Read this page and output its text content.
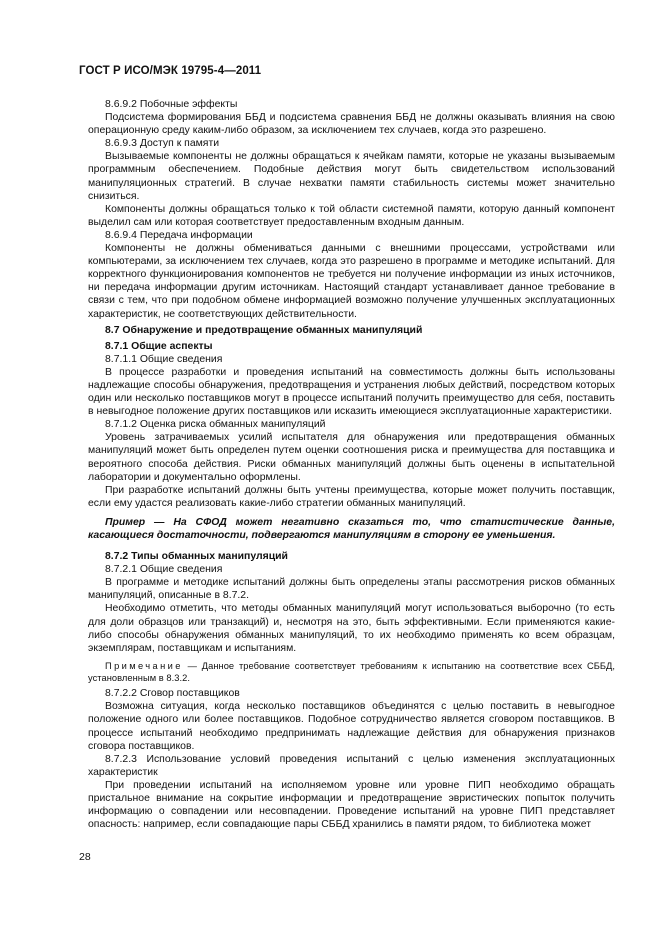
ГОСТ Р ИСО/МЭК 19795-4—2011

8.6.9.2 Побочные эффекты

Подсистема формирования ББД и подсистема сравнения ББД не должны оказывать влияния на свою операционную среду каким-либо образом, за исключением тех случаев, когда это разрешено.

8.6.9.3 Доступ к памяти

Вызываемые компоненты не должны обращаться к ячейкам памяти, которые не указаны вызываемым программным обеспечением. Подобные действия могут быть свидетельством использований манипуляционных стратегий. В случае нехватки памяти стабильность системы может значительно снизиться.

Компоненты должны обращаться только к той области системной памяти, которую данный компонент выделил сам или которая соответствует предоставленным входным данным.

8.6.9.4 Передача информации

Компоненты не должны обмениваться данными с внешними процессами, устройствами или компьютерами, за исключением тех случаев, когда это разрешено в программе и методике испытаний. Для корректного функционирования компонентов не требуется ни получение информации из иных источников, ни передача информации другим источникам. Настоящий стандарт устанавливает данное требование в связи с тем, что при подобном обмене информацией возможно получение улучшенных эксплуатационных характеристик, не соответствующих действительности.

8.7 Обнаружение и предотвращение обманных манипуляций

8.7.1 Общие аспекты

8.7.1.1 Общие сведения

В процессе разработки и проведения испытаний на совместимость должны быть использованы надлежащие способы обнаружения, предотвращения и устранения любых действий, посредством которых один или несколько поставщиков могут в процессе испытаний получить преимущество для себя, поставить в невыгодное положение других поставщиков или исказить имеющиеся эксплуатационные характеристики.

8.7.1.2 Оценка риска обманных манипуляций

Уровень затрачиваемых усилий испытателя для обнаружения или предотвращения обманных манипуляций может быть определен путем оценки соотношения риска и преимущества для поставщика и вероятного способа действия. Риски обманных манипуляций должны быть оценены в испытательной лаборатории и документально оформлены.

При разработке испытаний должны быть учтены преимущества, которые может получить поставщик, если ему удастся реализовать какие-либо стратегии обманных манипуляций.

Пример — На СФОД может негативно сказаться то, что статистические данные, касающиеся достаточности, подвергаются манипуляциям в сторону ее уменьшения.

8.7.2 Типы обманных манипуляций

8.7.2.1 Общие сведения

В программе и методике испытаний должны быть определены этапы рассмотрения рисков обманных манипуляций, описанные в 8.7.2.

Необходимо отметить, что методы обманных манипуляций могут использоваться выборочно (то есть для доли образцов или транзакций) и, несмотря на это, быть эффективными. Если применяются какие-либо способы обнаружения обманных манипуляций, то их необходимо применять ко всем образцам, экземплярам, поставщикам и испытаниям.

Примечание — Данное требование соответствует требованиям к испытанию на соответствие всех СББД, установленным в 8.3.2.

8.7.2.2 Сговор поставщиков

Возможна ситуация, когда несколько поставщиков объединятся с целью поставить в невыгодное положение одного или более поставщиков. Подобное сотрудничество является сговором поставщиков. В процессе испытаний необходимо предпринимать надлежащие действия для обнаружения признаков сговора поставщиков.

8.7.2.3 Использование условий проведения испытаний с целью изменения эксплуатационных характеристик

При проведении испытаний на исполняемом уровне или уровне ПИП необходимо обращать пристальное внимание на сокрытие информации и предотвращение эвристических попыток получить информацию о совпадении или несовпадении. Проведение испытаний на уровне ПИП представляет опасность: например, если совпадающие пары СББД хранились в памяти рядом, то библиотека может

28
